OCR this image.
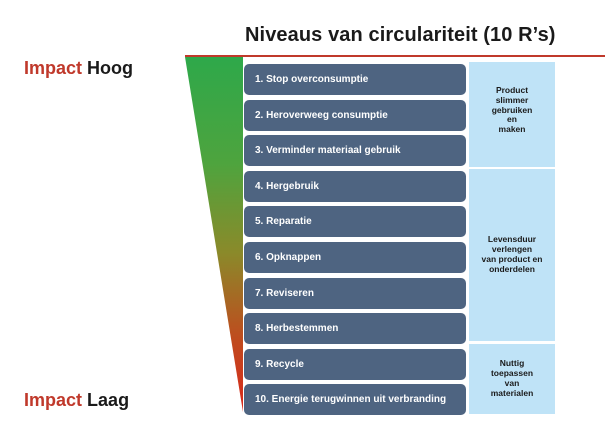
Niveaus van circulariteit (10 R’s)
Impact Hoog
Impact Laag
1. Stop overconsumptie
2. Heroverweeg consumptie
3. Verminder materiaal gebruik
4. Hergebruik
5. Reparatie
6. Opknappen
7. Reviseren
8. Herbestemmen
9. Recycle
10. Energie terugwinnen uit verbranding
Product
slimmer
gebruiken
en
maken
Levensduur
verlengen
van product en
onderdelen
Nuttig
toepassen
van
materialen
